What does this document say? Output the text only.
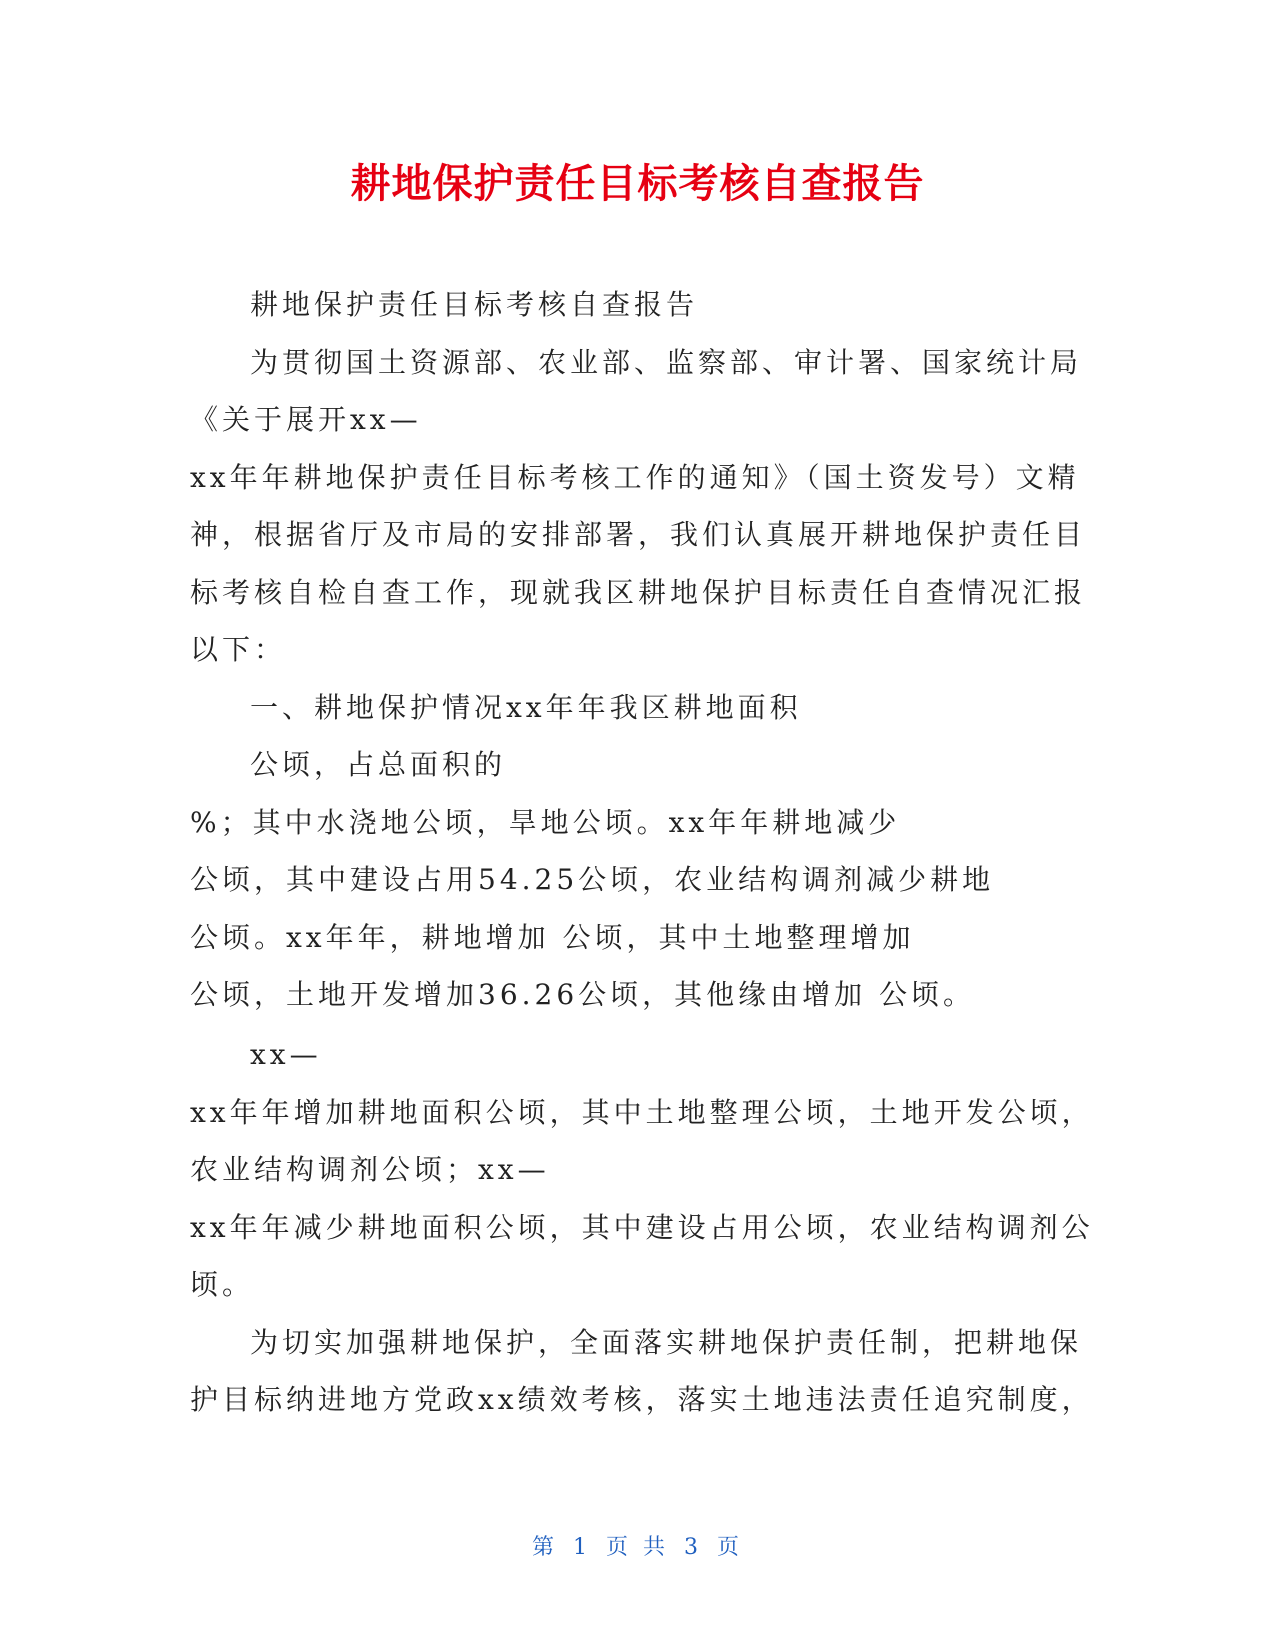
耕地保护责任目标考核自查报告
耕地保护责任目标考核自查报告
为贯彻国土资源部、农业部、监察部、审计署、国家统计局
《关于展开xx—
xx年年耕地保护责任目标考核工作的通知》（国土资发号）文精
神，根据省厅及市局的安排部署，我们认真展开耕地保护责任目
标考核自检自查工作，现就我区耕地保护目标责任自查情况汇报
以下：
一、耕地保护情况xx年年我区耕地面积
公顷，占总面积的
%；其中水浇地公顷，旱地公顷。xx年年耕地减少
公顷，其中建设占用54.25公顷，农业结构调剂减少耕地
公顷。xx年年，耕地增加 公顷，其中土地整理增加
公顷，土地开发增加36.26公顷，其他缘由增加 公顷。
xx—
xx年年增加耕地面积公顷，其中土地整理公顷，土地开发公顷，
农业结构调剂公顷；xx—
xx年年减少耕地面积公顷，其中建设占用公顷，农业结构调剂公
顷。
为切实加强耕地保护，全面落实耕地保护责任制，把耕地保
护目标纳进地方党政xx绩效考核，落实土地违法责任追究制度，
第 1 页 共 3 页
